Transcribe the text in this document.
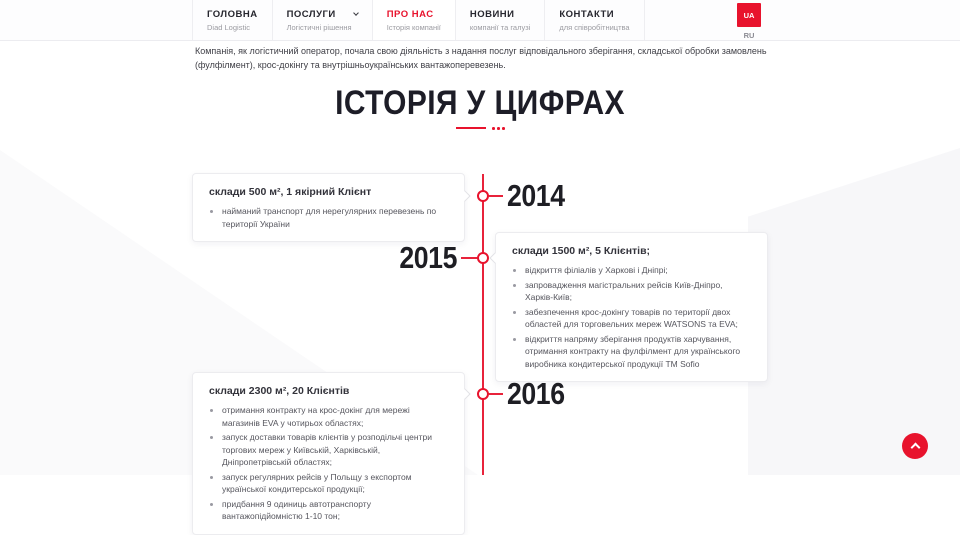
ГОЛОВНА
Diad Logistic
ПОСЛУГИ
Логістичні рішення
ПРО НАС
Історія компанії
НОВИНИ
компанії та галузі
КОНТАКТИ
для співробітництва
UA
RU

Компанія, як логістичний оператор, почала свою діяльність з надання послуг відповідального зберігання, складської обробки замовлень (фулфілмент), крос-докінгу та внутрішньоукраїнських вантажоперевезень.

ІСТОРІЯ У ЦИФРАХ
2014
склади 500 м², 1 якірний Клієнт
• найманий транспорт для нерегулярних перевезень по території України
2015	склади 1500 м², 5 Клієнтів;
• відкриття філіалів у Харкові і Дніпрі;
• запровадження магістральних рейсів Київ-Дніпро, Харків-Київ;
• забезпечення крос-докінгу товарів по території двох областей для торговельних мереж WATSONS та EVA;
• відкриття напряму зберігання продуктів харчування, отримання контракту на фулфілмент для українського виробника кондитерської продукції ТМ Sofio
2016
склади 2300 м², 20 Клієнтів
• отримання контракту на крос-докінг для мережі магазинів EVA у чотирьох областях;
• запуск доставки товарів клієнтів у розподільчі центри торгових мереж у Київській, Харківській, Дніпропетрівській областях;
• запуск регулярних рейсів у Польщу з експортом української кондитерської продукції;
• придбання 9 одиниць автотранспорту вантажопідйомністю 1-10 тон;
